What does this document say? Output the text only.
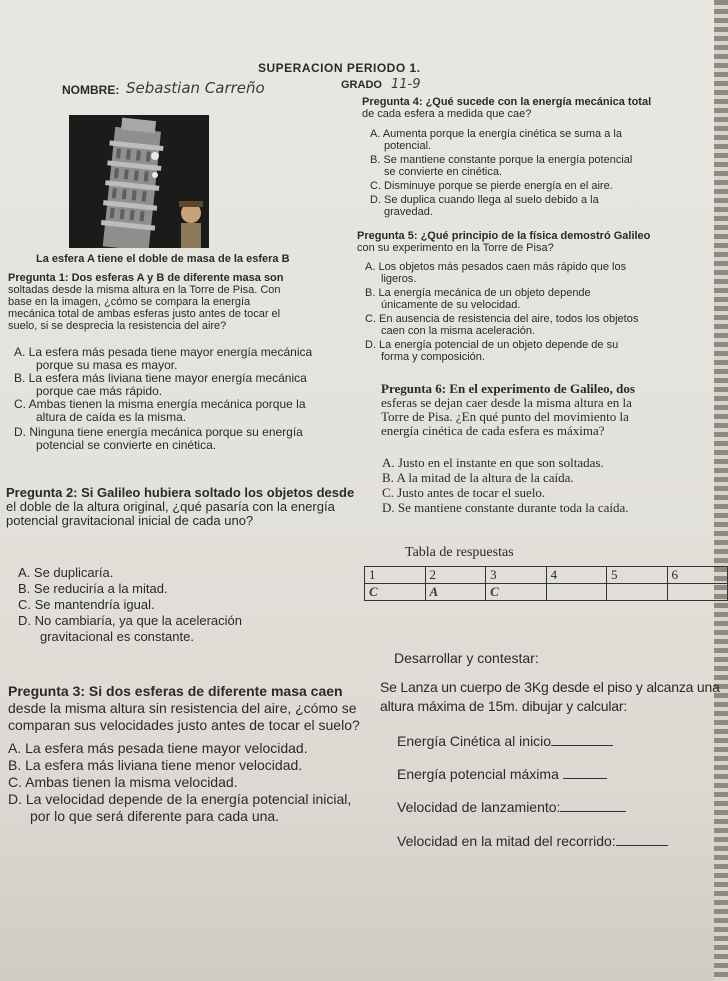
SUPERACION PERIODO 1.
NOMBRE: Sebastian Carreño	GRADO 11-9
La esfera A tiene el doble de masa de la esfera B
Pregunta 1: Dos esferas A y B de diferente masa son
soltadas desde la misma altura en la Torre de Pisa. Con
base en la imagen, ¿cómo se compara la energía
mecánica total de ambas esferas justo antes de tocar el
suelo, si se desprecia la resistencia del aire?
A. La esfera más pesada tiene mayor energía mecánica
porque su masa es mayor.
B. La esfera más liviana tiene mayor energía mecánica
porque cae más rápido.
C. Ambas tienen la misma energía mecánica porque la
altura de caída es la misma.
D. Ninguna tiene energía mecánica porque su energía
potencial se convierte en cinética.
Pregunta 2: Si Galileo hubiera soltado los objetos desde
el doble de la altura original, ¿qué pasaría con la energía
potencial gravitacional inicial de cada uno?
A. Se duplicaría.
B. Se reduciría a la mitad.
C. Se mantendría igual.
D. No cambiaría, ya que la aceleración
gravitacional es constante.
Pregunta 3: Si dos esferas de diferente masa caen
desde la misma altura sin resistencia del aire, ¿cómo se
comparan sus velocidades justo antes de tocar el suelo?
A. La esfera más pesada tiene mayor velocidad.
B. La esfera más liviana tiene menor velocidad.
C. Ambas tienen la misma velocidad.
D. La velocidad depende de la energía potencial inicial,
por lo que será diferente para cada una.
Pregunta 4: ¿Qué sucede con la energía mecánica total
de cada esfera a medida que cae?
A. Aumenta porque la energía cinética se suma a la
potencial.
B. Se mantiene constante porque la energía potencial
se convierte en cinética.
C. Disminuye porque se pierde energía en el aire.
D. Se duplica cuando llega al suelo debido a la
gravedad.
Pregunta 5: ¿Qué principio de la física demostró Galileo
con su experimento en la Torre de Pisa?
A. Los objetos más pesados caen más rápido que los
ligeros.
B. La energía mecánica de un objeto depende
únicamente de su velocidad.
C. En ausencia de resistencia del aire, todos los objetos
caen con la misma aceleración.
D. La energía potencial de un objeto depende de su
forma y composición.
Pregunta 6: En el experimento de Galileo, dos
esferas se dejan caer desde la misma altura en la
Torre de Pisa. ¿En qué punto del movimiento la
energía cinética de cada esfera es máxima?
A. Justo en el instante en que son soltadas.
B. A la mitad de la altura de la caída.
C. Justo antes de tocar el suelo.
D. Se mantiene constante durante toda la caída.
Tabla de respuestas
1	2	3	4	5	6
C	A	C			
Desarrollar y contestar:
Se Lanza un cuerpo de 3Kg desde el piso y alcanza una
altura máxima de 15m. dibujar y calcular:
Energía Cinética al inicio
Energía potencial máxima
Velocidad de lanzamiento:
Velocidad en la mitad del recorrido:
